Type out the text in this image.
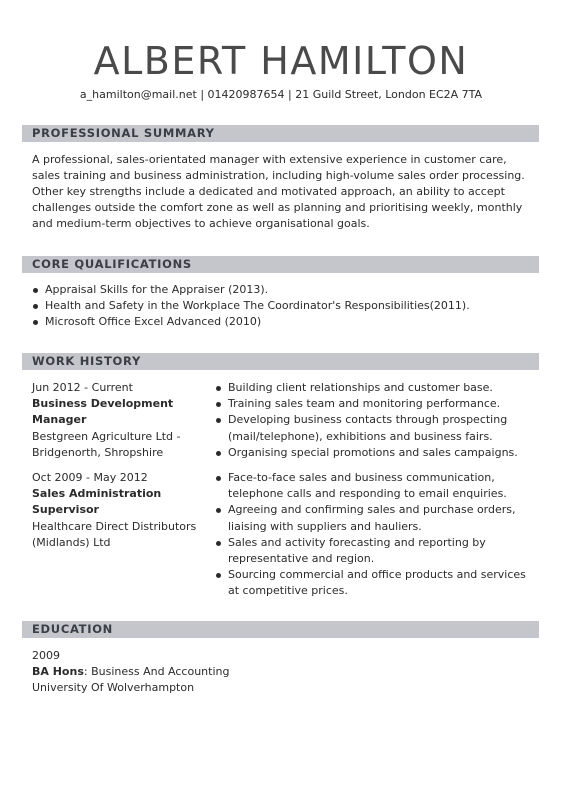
ALBERT HAMILTON
a_hamilton@mail.net | 01420987654 | 21 Guild Street, London EC2A 7TA
PROFESSIONAL SUMMARY
A professional, sales-orientated manager with extensive experience in customer care, sales training and business administration, including high-volume sales order processing. Other key strengths include a dedicated and motivated approach, an ability to accept challenges outside the comfort zone as well as planning and prioritising weekly, monthly and medium-term objectives to achieve organisational goals.
CORE QUALIFICATIONS
Appraisal Skills for the Appraiser (2013).
Health and Safety in the Workplace The Coordinator's Responsibilities(2011).
Microsoft Office Excel Advanced (2010)
WORK HISTORY
Jun 2012 - Current
Business Development Manager
Bestgreen Agriculture Ltd - Bridgenorth, Shropshire
Building client relationships and customer base.
Training sales team and monitoring performance.
Developing business contacts through prospecting (mail/telephone), exhibitions and business fairs.
Organising special promotions and sales campaigns.
Oct 2009 - May 2012
Sales Administration Supervisor
Healthcare Direct Distributors (Midlands) Ltd
Face-to-face sales and business communication, telephone calls and responding to email enquiries.
Agreeing and confirming sales and purchase orders, liaising with suppliers and hauliers.
Sales and activity forecasting and reporting by representative and region.
Sourcing commercial and office products and services at competitive prices.
EDUCATION
2009
BA Hons: Business And Accounting
University Of Wolverhampton
